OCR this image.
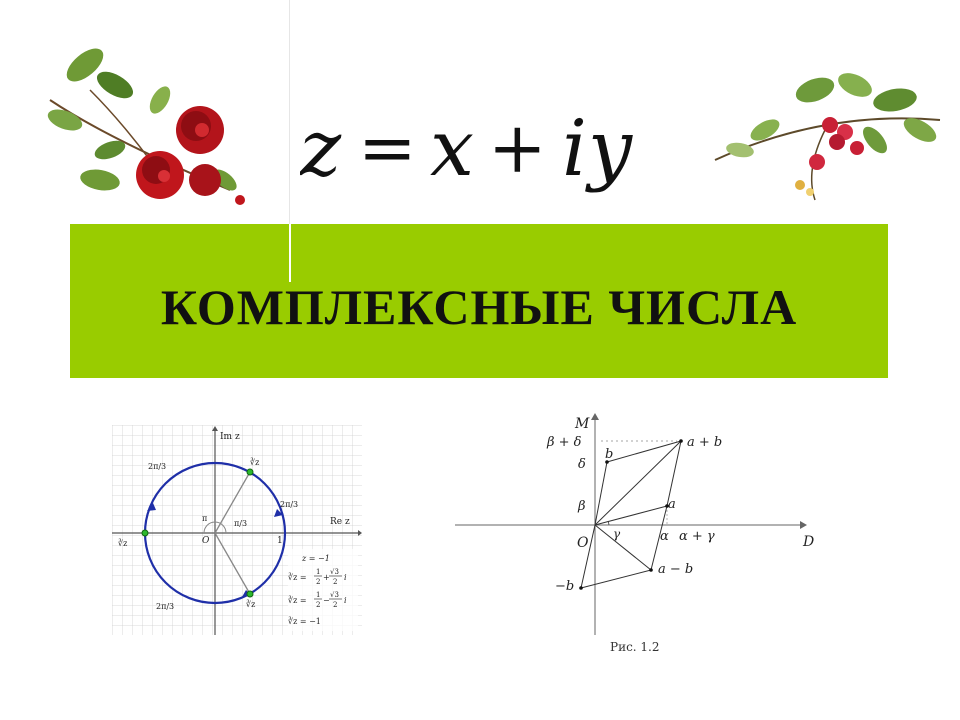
z = x + i y
КОМПЛЕКСНЫЕ ЧИСЛА
Im z
Re z
O	1
π
π/3
2π/3
2π/3
2π/3
∛z
∛z
∛z
z = −1
∛z =
1
2 +
√3
2 i
∛z =
1
2 −
√3
2 i
∛z = −1
M
D
O
β + δ
δ
β
b
a + b
a
a − b
−b
γ	α α + γ
Рис. 1.2
